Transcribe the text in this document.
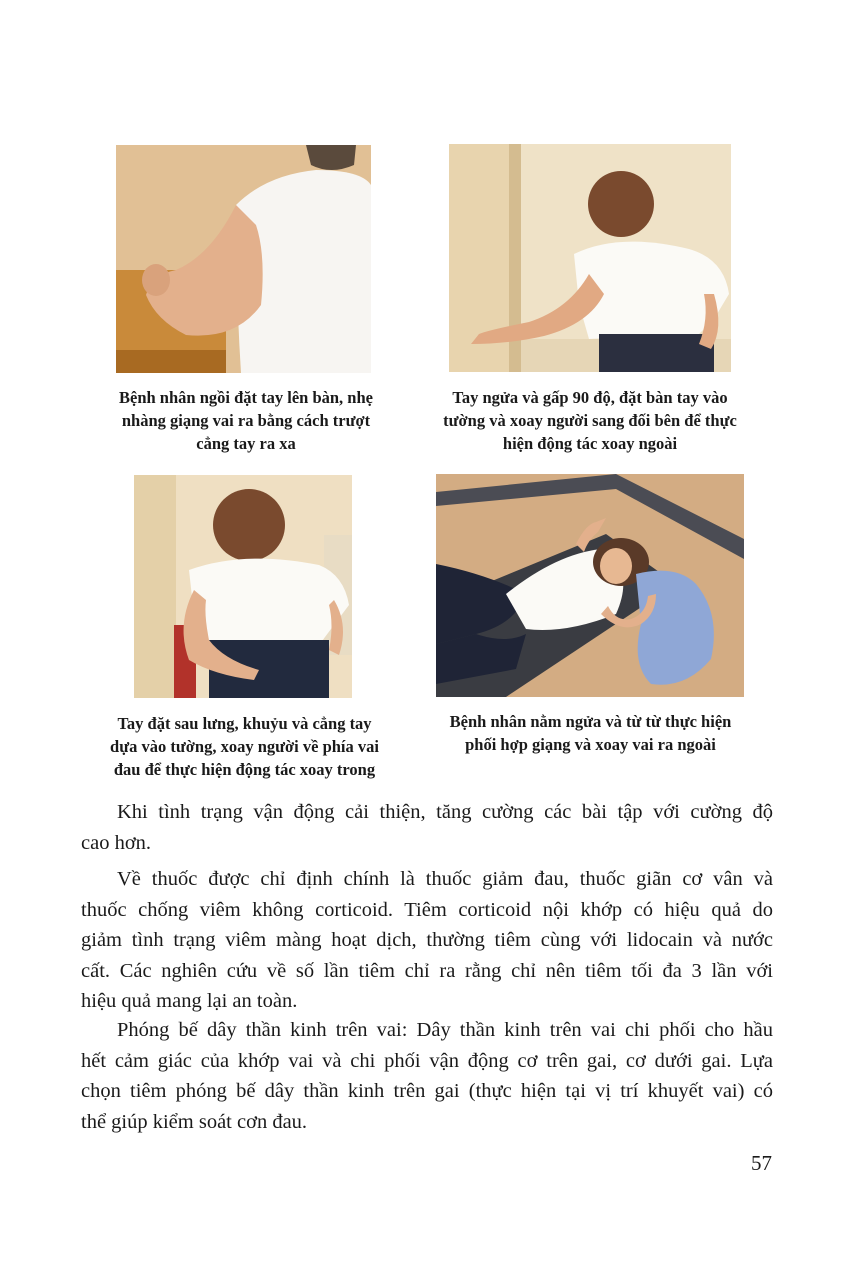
Bệnh nhân ngồi đặt tay lên bàn, nhẹ
nhàng giạng vai ra bằng cách trượt
cẳng tay ra xa
Tay ngửa và gấp 90 độ, đặt bàn tay vào
tường và xoay người sang đối bên để thực
hiện động tác xoay ngoài
Tay đặt sau lưng, khuỷu và cẳng tay
dựa vào tường, xoay người về phía vai
đau để thực hiện động tác xoay trong
Bệnh nhân nằm ngửa và từ từ thực hiện
phối hợp giạng và xoay vai ra ngoài

Khi tình trạng vận động cải thiện, tăng cường các bài tập với cường độ
cao hơn.

Về thuốc được chỉ định chính là thuốc giảm đau, thuốc giãn cơ vân và
thuốc chống viêm không corticoid. Tiêm corticoid nội khớp có hiệu quả do
giảm tình trạng viêm màng hoạt dịch, thường tiêm cùng với lidocain và nước
cất. Các nghiên cứu về số lần tiêm chỉ ra rằng chỉ nên tiêm tối đa 3 lần với
hiệu quả mang lại an toàn.

Phóng bế dây thần kinh trên vai: Dây thần kinh trên vai chi phối cho hầu
hết cảm giác của khớp vai và chi phối vận động cơ trên gai, cơ dưới gai. Lựa
chọn tiêm phóng bế dây thần kinh trên gai (thực hiện tại vị trí khuyết vai) có
thể giúp kiểm soát cơn đau.

57
